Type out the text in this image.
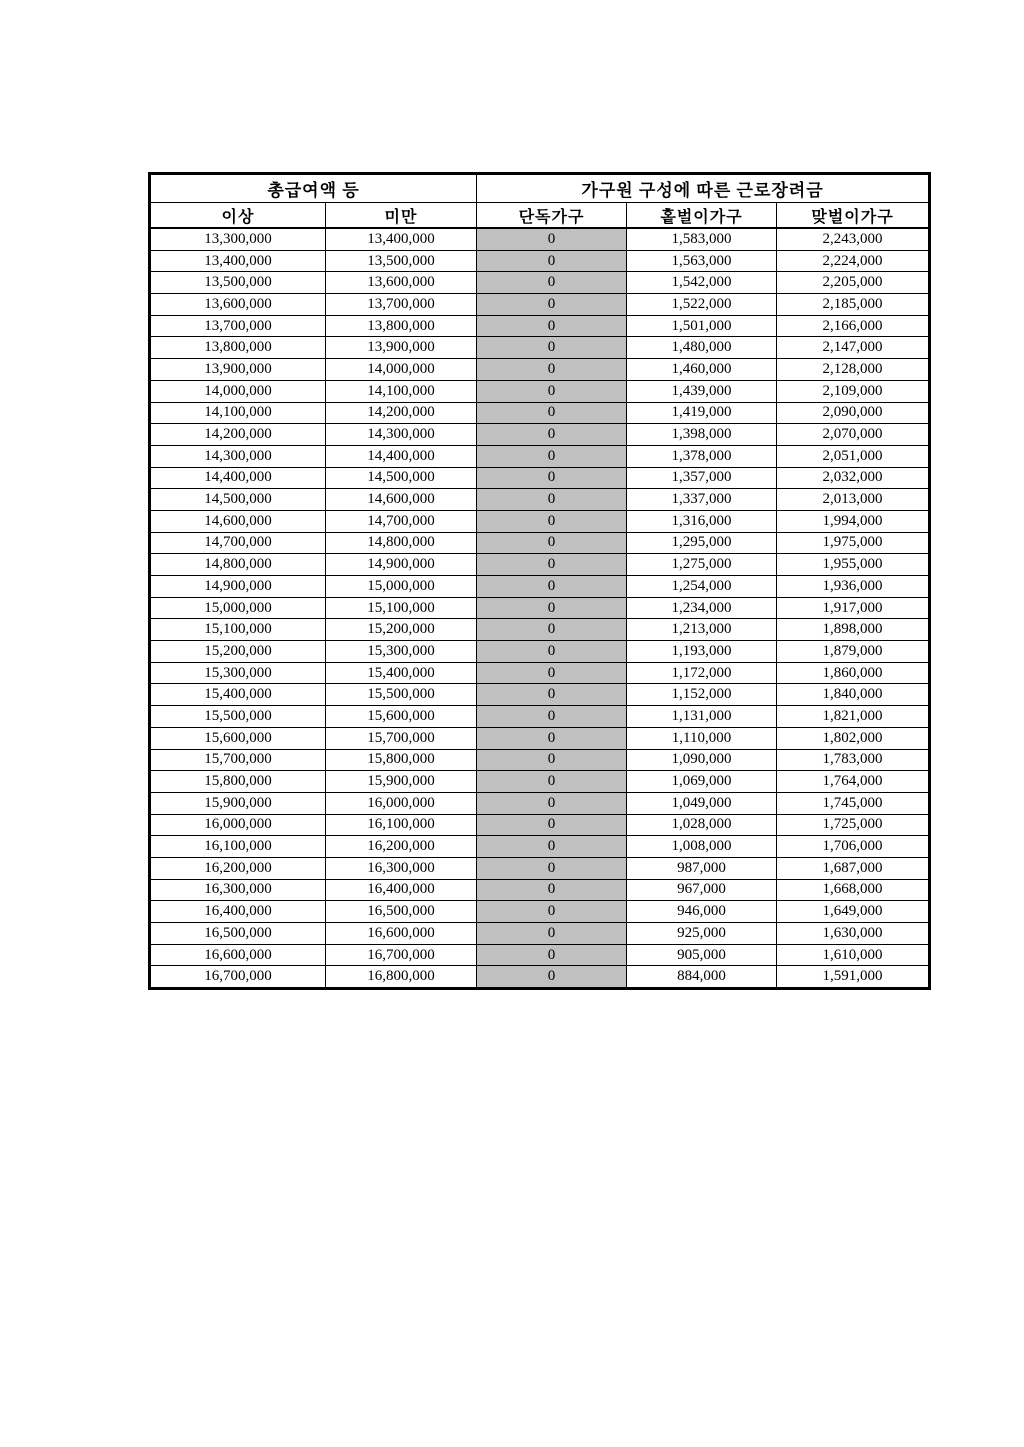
총급여액 등		가구원 구성에 따른 근로장려금		
이상	미만	단독가구	홑벌이가구	맞벌이가구
13,300,000	13,400,000	0	1,583,000	2,243,000
13,400,000	13,500,000	0	1,563,000	2,224,000
13,500,000	13,600,000	0	1,542,000	2,205,000
13,600,000	13,700,000	0	1,522,000	2,185,000
13,700,000	13,800,000	0	1,501,000	2,166,000
13,800,000	13,900,000	0	1,480,000	2,147,000
13,900,000	14,000,000	0	1,460,000	2,128,000
14,000,000	14,100,000	0	1,439,000	2,109,000
14,100,000	14,200,000	0	1,419,000	2,090,000
14,200,000	14,300,000	0	1,398,000	2,070,000
14,300,000	14,400,000	0	1,378,000	2,051,000
14,400,000	14,500,000	0	1,357,000	2,032,000
14,500,000	14,600,000	0	1,337,000	2,013,000
14,600,000	14,700,000	0	1,316,000	1,994,000
14,700,000	14,800,000	0	1,295,000	1,975,000
14,800,000	14,900,000	0	1,275,000	1,955,000
14,900,000	15,000,000	0	1,254,000	1,936,000
15,000,000	15,100,000	0	1,234,000	1,917,000
15,100,000	15,200,000	0	1,213,000	1,898,000
15,200,000	15,300,000	0	1,193,000	1,879,000
15,300,000	15,400,000	0	1,172,000	1,860,000
15,400,000	15,500,000	0	1,152,000	1,840,000
15,500,000	15,600,000	0	1,131,000	1,821,000
15,600,000	15,700,000	0	1,110,000	1,802,000
15,700,000	15,800,000	0	1,090,000	1,783,000
15,800,000	15,900,000	0	1,069,000	1,764,000
15,900,000	16,000,000	0	1,049,000	1,745,000
16,000,000	16,100,000	0	1,028,000	1,725,000
16,100,000	16,200,000	0	1,008,000	1,706,000
16,200,000	16,300,000	0	987,000	1,687,000
16,300,000	16,400,000	0	967,000	1,668,000
16,400,000	16,500,000	0	946,000	1,649,000
16,500,000	16,600,000	0	925,000	1,630,000
16,600,000	16,700,000	0	905,000	1,610,000
16,700,000	16,800,000	0	884,000	1,591,000
